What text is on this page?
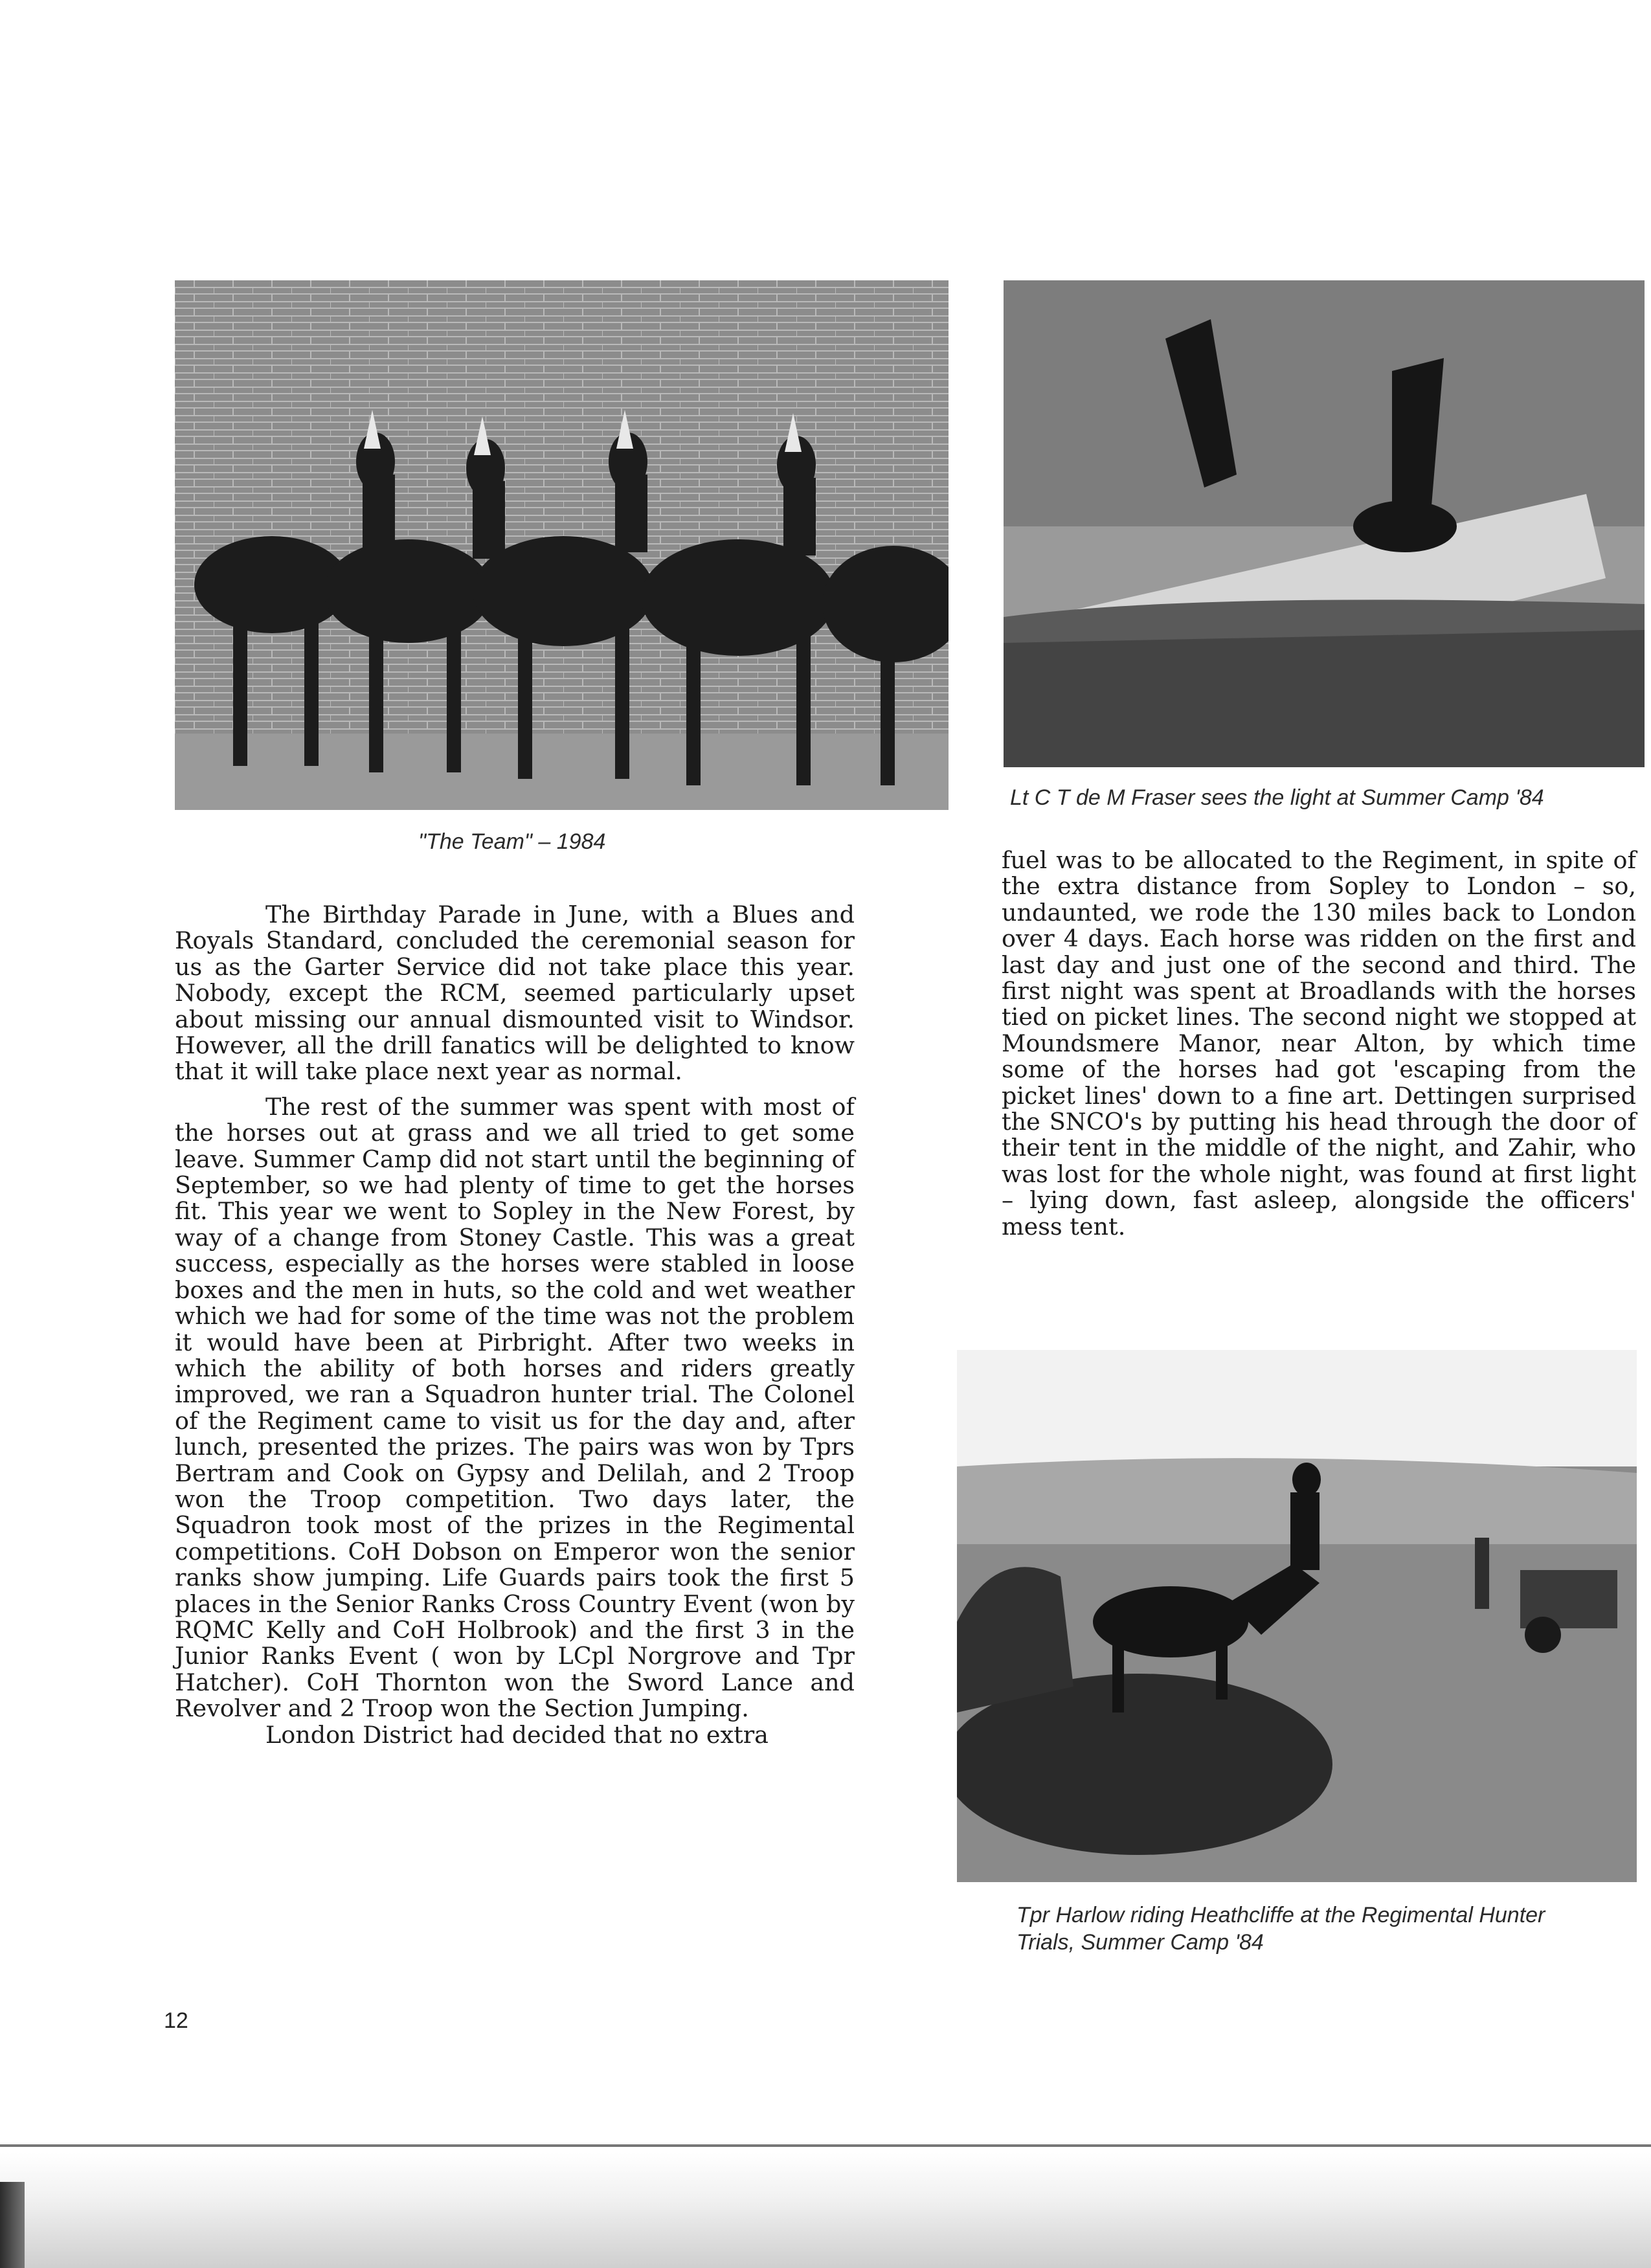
"The Team" – 1984
Lt C T de M Fraser sees the light at Summer Camp '84

The Birthday Parade in June, with a Blues and Royals Standard, concluded the ceremonial season for us as the Garter Service did not take place this year. Nobody, except the RCM, seemed particularly upset about missing our annual dismounted visit to Windsor. However, all the drill fanatics will be delighted to know that it will take place next year as normal.

The rest of the summer was spent with most of the horses out at grass and we all tried to get some leave. Summer Camp did not start until the beginning of September, so we had plenty of time to get the horses fit. This year we went to Sopley in the New Forest, by way of a change from Stoney Castle. This was a great success, especially as the horses were stabled in loose boxes and the men in huts, so the cold and wet weather which we had for some of the time was not the problem it would have been at Pirbright. After two weeks in which the ability of both horses and riders greatly improved, we ran a Squadron hunter trial. The Colonel of the Regiment came to visit us for the day and, after lunch, presented the prizes. The pairs was won by Tprs Bertram and Cook on Gypsy and Delilah, and 2 Troop won the Troop competition. Two days later, the Squadron took most of the prizes in the Regimental competitions. CoH Dobson on Emperor won the senior ranks show jumping. Life Guards pairs took the first 5 places in the Senior Ranks Cross Country Event (won by RQMC Kelly and CoH Holbrook) and the first 3 in the Junior Ranks Event ( won by LCpl Norgrove and Tpr Hatcher). CoH Thornton won the Sword Lance and Revolver and 2 Troop won the Section Jumping.

London District had decided that no extra

fuel was to be allocated to the Regiment, in spite of the extra distance from Sopley to London – so, undaunted, we rode the 130 miles back to London over 4 days. Each horse was ridden on the first and last day and just one of the second and third. The first night was spent at Broadlands with the horses tied on picket lines. The second night we stopped at Moundsmere Manor, near Alton, by which time some of the horses had got 'escaping from the picket lines' down to a fine art. Dettingen surprised the SNCO's by putting his head through the door of their tent in the middle of the night, and Zahir, who was lost for the whole night, was found at first light – lying down, fast asleep, alongside the officers' mess tent.

Tpr Harlow riding Heathcliffe at the Regimental Hunter
Trials, Summer Camp '84
12
